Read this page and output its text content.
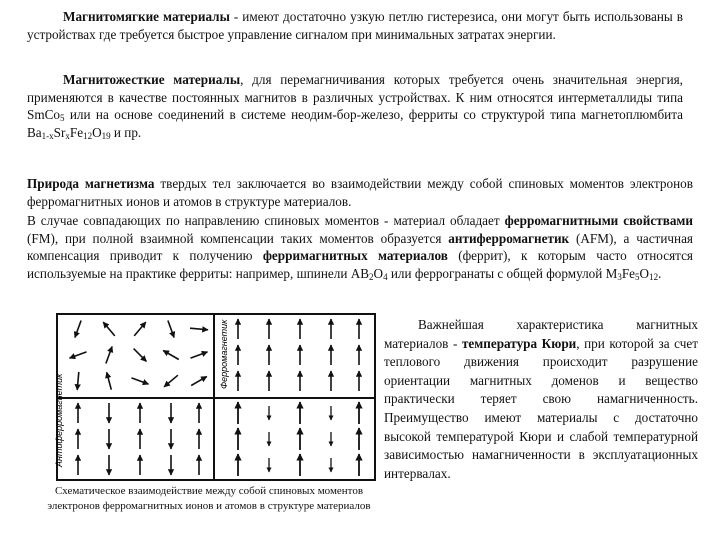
Магнитомягкие материалы - имеют достаточно узкую петлю гистерезиса, они могут быть использованы в устройствах где требуется быстрое управление сигналом при минимальных затратах энергии.

Магнитожесткие материалы, для перемагничивания которых требуется очень значительная энергия, применяются в качестве постоянных магнитов в различных устройствах. К ним относятся интерметаллиды типа SmCo$_5$ или на основе соединений в системе неодим-бор-железо, ферриты со структурой типа магнетоплюмбита $Ba_{1-x}Sr_xFe_{12}O_{19}$ и пр.

Природа магнетизма твердых тел заключается во взаимодействии между собой спиновых моментов электронов ферромагнитных ионов и атомов в структуре материалов.

В случае совпадающих по направлению спиновых моментов - материал обладает ферромагнитными свойствами (FM), при полной взаимной компенсации таких моментов образуется антиферромагнетик (AFM), а частичная компенсация приводит к получению ферримагнитных материалов (феррит), к которым часто относятся используемые на практике ферриты: например, шпинели $AB_2O_4$ или феррогранаты с общей формулой $M_3Fe_5O_{12}$.

Антиферромагнетик
Ферромагнетик
Схематическое взаимодействие между собой спиновых моментов электронов ферромагнитных ионов и атомов в структуре материалов
Важнейшая характеристика магнитных материалов - температура Кюри, при которой за счет теплового движения происходит разрушение ориентации магнитных доменов и вещество практически теряет свою намагниченность. Преимущество имеют материалы с достаточно высокой температурой Кюри и слабой температурной зависимостью намагниченности в эксплуатационных интервалах.
